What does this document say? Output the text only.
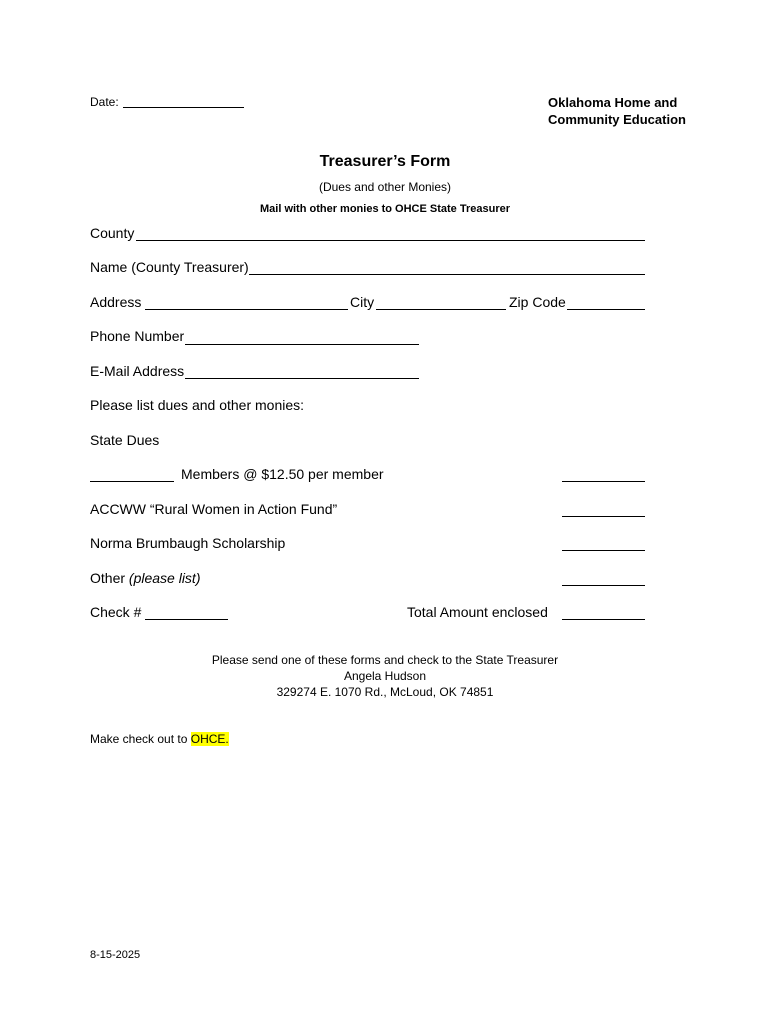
Date:	Oklahoma Home and
Community Education
Treasurer’s Form
(Dues and other Monies)
Mail with other monies to OHCE State Treasurer
County
Name (County Treasurer)
Address	City	Zip Code
Phone Number
E-Mail Address
Please list dues and other monies:
State Dues
Members @ $12.50 per member
ACCWW “Rural Women in Action Fund”
Norma Brumbaugh Scholarship
Other (please list)
Check #	Total Amount enclosed
Please send one of these forms and check to the State Treasurer
Angela Hudson
329274 E. 1070 Rd., McLoud, OK 74851
Make check out to OHCE.
8-15-2025
